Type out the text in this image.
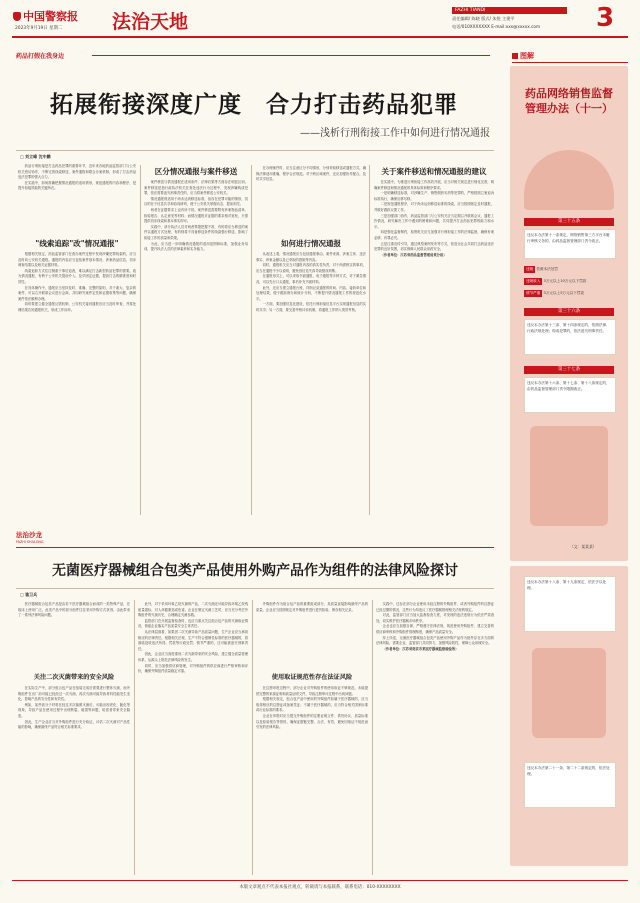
中国警察报
2023年9月19日 星期二	法治天地
FAZHI TIANDI
责任编辑/ 陈晓 版式/ 朱悦 主建平
电话/010XXXXXXX E-mail:xxx@xxxxx.com 3
药品打假在我身边
拓展衔接深度广度　合力打击药品犯罪
——浅析行刑衔接工作中如何进行情况通报
□ 刘立峰 沈中鹏

药品行刑衔接是打击药品犯罪的重要环节，近年来各地药品监管部门与公安机关密切协作，不断完善线索移送、案件通报和联合办案机制，形成了打击药品违法犯罪的强大合力。

在实践中，如何准确把握情况通报的适用情形，规范通报的内容和程序，是提升衔接效能的关键所在。

"线索追踪"改"情况通报"

根据相关规定，药品监管部门在查办案件过程中发现涉嫌犯罪线索的，应当及时向公安机关通报。通报的内容应当包括案件基本情况、涉案药品信息、初步调查结果以及相关证据材料。

线索追踪方式往往侧重于事后追查，难以满足打击新型药品犯罪的需要。改为情况通报，有利于公安机关提前介入，及早固定证据，提高打击的精准度和时效性。

在具体操作中，通报应当坚持及时、准确、完整的原则，对于重大、复杂的案件，可以召开联席会议进行会商，共同研究案件定性和证据收集等问题，确保案件依法顺利办理。

同时要建立健全通报反馈机制，公安机关接到通报后应当及时审查，并将处理结果告知通报机关，形成工作闭环。

区分情况通报与案件移送

案件移送与情况通报在适用条件、法律后果等方面存在明显区别。案件移送是指行政执法机关在查处违法行为过程中，发现涉嫌构成犯罪，依法需要追究刑事责任的，应当将案件移送公安机关。

情况通报则适用于尚未达到移送标准，但存在犯罪可能的情形，其目的在于信息共享和协同研判，便于公安机关掌握动态、提前布控。

两者在证据要求上也有所不同。案件移送需要附有涉案物品清单、检验报告、认定意见等材料；而情况通报对证据的要求相对宽松，只需提供初步线索和基本事实即可。

实践中，部分执法人员对两者界限把握不准，有的将应当移送的案件以通报方式处理，有的则将不具备移送条件的线索强行移送，影响了衔接工作的质量和效果。

为此，应当进一步明确情况通报的适用范围和标准，加强业务培训，提升执法人员的法律素养和实务能力。

在办理案件时，应当注意区分不同情形，分别采取移送或通报方式，确保法律适用准确，程序合法规范。对于跨区域案件，还应加强协作配合，及时共享信息。

如何进行情况通报

从表述上看，情况通报应当包括通报事由、案件来源、涉案主体、违法事实、涉案金额以及已采取的措施等内容。

同时，通报机关应当对通报内容的真实性负责，对于尚需核实的事项，应当在通报中予以说明，避免因信息失真导致错误判断。

在通报形式上，可以采取书面通报、电子通报等多种方式，对于紧急情况，可以先行口头通报，事后补充书面材料。

此外，还应当建立通报台账，详细记录通报的时间、内容、接收单位和处理结果，便于跟踪督办和统计分析，不断提升情况通报工作的规范化水平。

一方面，要加强信息化建设，依托行刑衔接信息平台实现通报信息的实时共享；另一方面，要完善考核评价机制，将通报工作纳入绩效考核。

关于案件移送和情况通报的建议

在实践中，为推进行刑衔接工作高效开展，应当对相关规定进行细化完善，明确案件移送和情况通报的具体标准和程序要求。

一是明确移送标准，对涉嫌生产、销售假药劣药等犯罪的，严格按照立案追诉标准执行，确保应移尽移。

二是规范通报程序，对于尚未达到移送标准的线索，应当按照规定及时通报，并做好跟踪反馈工作。

三是加强部门协作，药品监管部门与公安机关应当定期召开联席会议，通报工作情况，研究解决工作中遇到的困难和问题，共同提升打击药品犯罪的能力和水平。

四是强化监督制约，检察机关应当加强对行刑衔接工作的法律监督，确保有案必移、有罪必究。

五是注重宣传引导，通过典型案例发布等方式，营造全社会共同打击药品违法犯罪的良好氛围，切实保障人民群众用药安全。

（作者单位：江苏省药品监督管理局某分局）

图解
药品网络销售监督管理办法（十一）
第三十五条
违反本办法第十一条规定，网络销售第三方平台未履行审核义务的，由药品监督管理部门责令改正。
违规 依照本法处罚
违规收入 3万元以上10万元以下罚款
情节严重 3万元以上5万元以下罚款
第三十六条
违反本办法第十三条、第十四条规定的，依照法律、行政法规处理；构成犯罪的，依法追究刑事责任。
第三十七条
违反本办法第十六条、第十七条、第十八条规定的，由药品监督管理部门责令限期改正。
（文：某某某）
法治沙龙
FAZHI SHALONG
无菌医疗器械组合包类产品使用外购产品作为组件的法律风险探讨
□ 谯卫兵

医疗器械组合包类产品是由若干医疗器械组合而成的一类特殊产品，在临床上使用广泛。此类产品中的部分组件往往采用外购方式获得，由此带来了一系列法律风险问题。

关注二次灭菌带来的安全风险

在实际生产中，部分组合包产品在组装完成后需要进行整体灭菌，而外购组件在出厂前可能已经经过一次灭菌，再次灭菌可能导致材料性能发生变化，影响产品的安全性和有效性。

例如，某些高分子材料在经过多次辐照灭菌后，可能出现老化、脆化等现象，导致产品在使用过程中出现断裂、破损等问题，给患者带来安全隐患。

因此，生产企业应当对外购组件进行充分验证，评估二次灭菌对产品性能的影响，确保最终产品符合相关标准要求。

此外，对于采用环氧乙烷灭菌的产品，二次灭菌还可能导致环氧乙烷残留量超标，对人体健康造成危害。企业在制定灭菌工艺时，应当充分考虑外购组件的灭菌历史，合理确定灭菌参数。

监管部门在开展监督检查时，也应当重点关注组合包产品的灭菌验证情况，督促企业落实产品质量安全主体责任。

从法律层面看，如果因二次灭菌导致产品质量问题，生产企业应当承担相应的法律责任。根据相关法规，生产不符合强制性标准的医疗器械的，将面临没收违法所得、罚款等行政处罚；情节严重的，还可能被追究刑事责任。

因此，企业应当高度重视二次灭菌带来的安全风险，建立健全质量管理体系，从源头上防范法律风险的发生。

同时，应当加强供应商管理，对外购组件的供应商进行严格审核和评价，确保外购组件质量稳定可靠。

外购组件作为组合包产品的重要组成部分，其质量直接影响最终产品的质量。企业应当按照规定对外购组件进行进货检验，保存相关记录。

使用取证规范性存在法证风险

在注册申报过程中，部分企业对外购组件的使用取证不够规范，未能提供完整的来源证明和质量证明文件，导致注册审评过程中出现问题。

根据相关规定，组合包产品中使用的外购组件如属于医疗器械的，应当取得相应的注册证或备案凭证；不属于医疗器械的，应当符合相关国家标准或行业标准的要求。

企业在申报时应当提交外购组件的注册证明文件、供货协议、质量标准以及检验报告等资料，确保证据链完整、合法、有效，避免因取证不规范而引发的法律风险。

实践中，还存在部分企业使用未经注册的外购组件、或者外购组件的注册证已经过期的情况，这些行为均违反了医疗器械管理相关法规的规定。

对此，监管部门应当加大监督检查力度，对发现的违法违规行为依法严肃查处，切实维护医疗器械市场秩序。

企业也应当加强自律，严格遵守法律法规，规范使用外购组件，建立完善的供应商审核和外购组件管理制度，确保产品质量安全。

综上所述，无菌医疗器械组合包类产品使用外购产品作为组件存在多方面的法律风险，需要企业、监管部门共同努力，加强风险防控，保障公众用械安全。

（作者单位：江苏省南京市某医疗器械监督检验所）

违反本办法第十八条、第十九条规定，依法予以处理。
违反本办法第二十一条、第二十二条规定的，依法处理。
本版文章观点不代表本报社观点，转载请与本报联系，联系电话：010-XXXXXXXX
